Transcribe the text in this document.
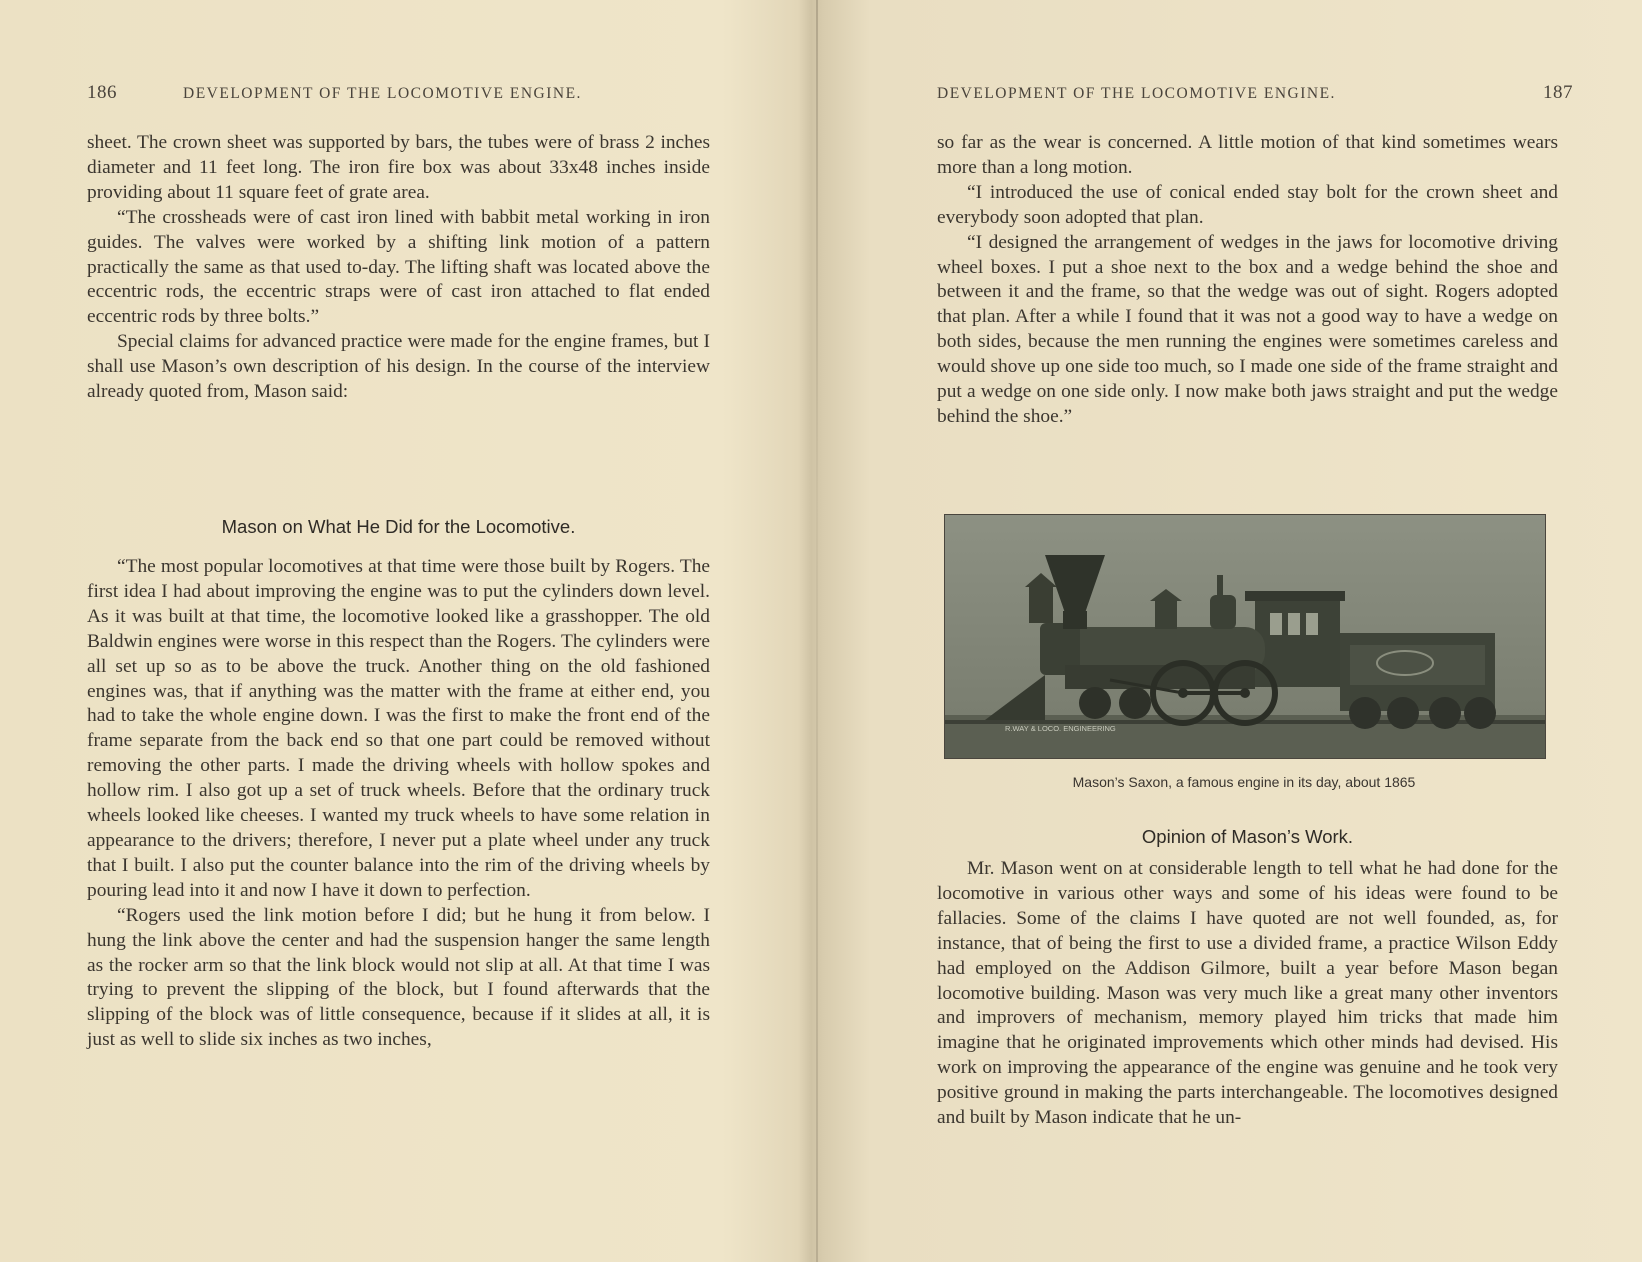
186	DEVELOPMENT OF THE LOCOMOTIVE ENGINE.

sheet. The crown sheet was supported by bars, the tubes were of brass 2 inches diameter and 11 feet long. The iron fire box was about 33x48 inches inside providing about 11 square feet of grate area.

“The crossheads were of cast iron lined with babbit metal working in iron guides. The valves were worked by a shifting link motion of a pattern practically the same as that used to-day. The lifting shaft was located above the eccentric rods, the eccentric straps were of cast iron attached to flat ended eccentric rods by three bolts.”

Special claims for advanced practice were made for the engine frames, but I shall use Mason’s own description of his design. In the course of the interview already quoted from, Mason said:

Mason on What He Did for the Locomotive.

“The most popular locomotives at that time were those built by Rogers. The first idea I had about improving the engine was to put the cylinders down level. As it was built at that time, the locomotive looked like a grasshopper. The old Baldwin engines were worse in this respect than the Rogers. The cylinders were all set up so as to be above the truck. Another thing on the old fashioned engines was, that if anything was the matter with the frame at either end, you had to take the whole engine down. I was the first to make the front end of the frame separate from the back end so that one part could be removed without removing the other parts. I made the driving wheels with hollow spokes and hollow rim. I also got up a set of truck wheels. Before that the ordinary truck wheels looked like cheeses. I wanted my truck wheels to have some relation in appearance to the drivers; therefore, I never put a plate wheel under any truck that I built. I also put the counter balance into the rim of the driving wheels by pouring lead into it and now I have it down to perfection.

“Rogers used the link motion before I did; but he hung it from below. I hung the link above the center and had the suspension hanger the same length as the rocker arm so that the link block would not slip at all. At that time I was trying to prevent the slipping of the block, but I found afterwards that the slipping of the block was of little consequence, because if it slides at all, it is just as well to slide six inches as two inches,

DEVELOPMENT OF THE LOCOMOTIVE ENGINE.	187

so far as the wear is concerned. A little motion of that kind sometimes wears more than a long motion.

“I introduced the use of conical ended stay bolt for the crown sheet and everybody soon adopted that plan.

“I designed the arrangement of wedges in the jaws for locomotive driving wheel boxes. I put a shoe next to the box and a wedge behind the shoe and between it and the frame, so that the wedge was out of sight. Rogers adopted that plan. After a while I found that it was not a good way to have a wedge on both sides, because the men running the engines were sometimes careless and would shove up one side too much, so I made one side of the frame straight and put a wedge on one side only. I now make both jaws straight and put the wedge behind the shoe.”

R.WAY & LOCO. ENGINEERING
Mason’s Saxon, a famous engine in its day, about 1865
Opinion of Mason’s Work.

Mr. Mason went on at considerable length to tell what he had done for the locomotive in various other ways and some of his ideas were found to be fallacies. Some of the claims I have quoted are not well founded, as, for instance, that of being the first to use a divided frame, a practice Wilson Eddy had employed on the Addison Gilmore, built a year before Mason began locomotive building. Mason was very much like a great many other inventors and improvers of mechanism, memory played him tricks that made him imagine that he originated improvements which other minds had devised. His work on improving the appearance of the engine was genuine and he took very positive ground in making the parts interchangeable. The locomotives designed and built by Mason indicate that he un-
